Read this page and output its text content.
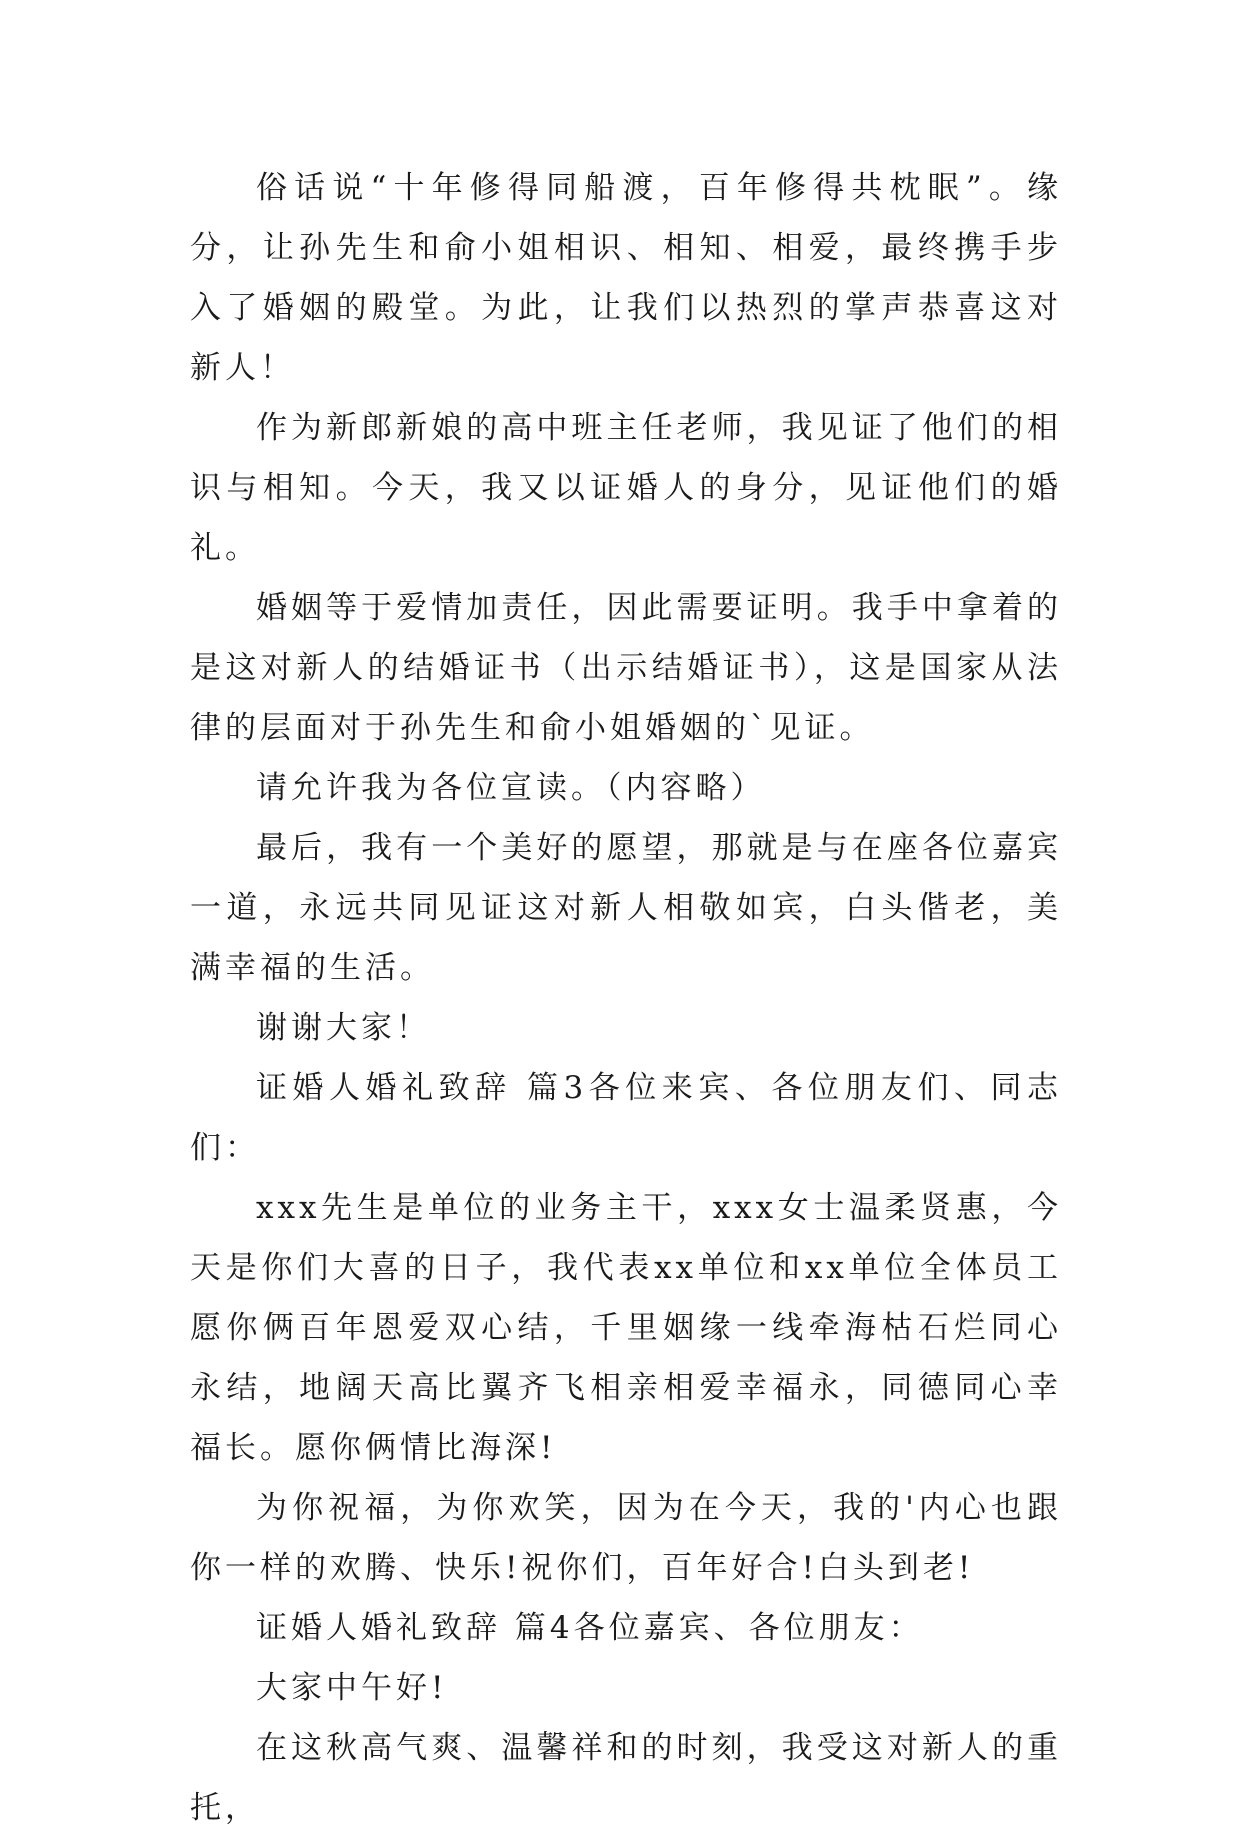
俗话说“十年修得同船渡，百年修得共枕眠”。缘分，让孙先生和俞小姐相识、相知、相爱，最终携手步入了婚姻的殿堂。为此，让我们以热烈的掌声恭喜这对新人！

作为新郎新娘的高中班主任老师，我见证了他们的相识与相知。今天，我又以证婚人的身分，见证他们的婚礼。

婚姻等于爱情加责任，因此需要证明。我手中拿着的是这对新人的结婚证书（出示结婚证书），这是国家从法律的层面对于孙先生和俞小姐婚姻的`见证。

请允许我为各位宣读。（内容略）

最后，我有一个美好的愿望，那就是与在座各位嘉宾一道，永远共同见证这对新人相敬如宾，白头偕老，美满幸福的生活。

谢谢大家！

证婚人婚礼致辞 篇3各位来宾、各位朋友们、同志们：

xxx先生是单位的业务主干，xxx女士温柔贤惠，今天是你们大喜的日子，我代表xx单位和xx单位全体员工愿你俩百年恩爱双心结，千里姻缘一线牵海枯石烂同心永结，地阔天高比翼齐飞相亲相爱幸福永，同德同心幸福长。愿你俩情比海深!

为你祝福，为你欢笑，因为在今天，我的'内心也跟你一样的欢腾、快乐!祝你们，百年好合!白头到老!

证婚人婚礼致辞 篇4各位嘉宾、各位朋友：

大家中午好!

在这秋高气爽、温馨祥和的时刻，我受这对新人的重托，
